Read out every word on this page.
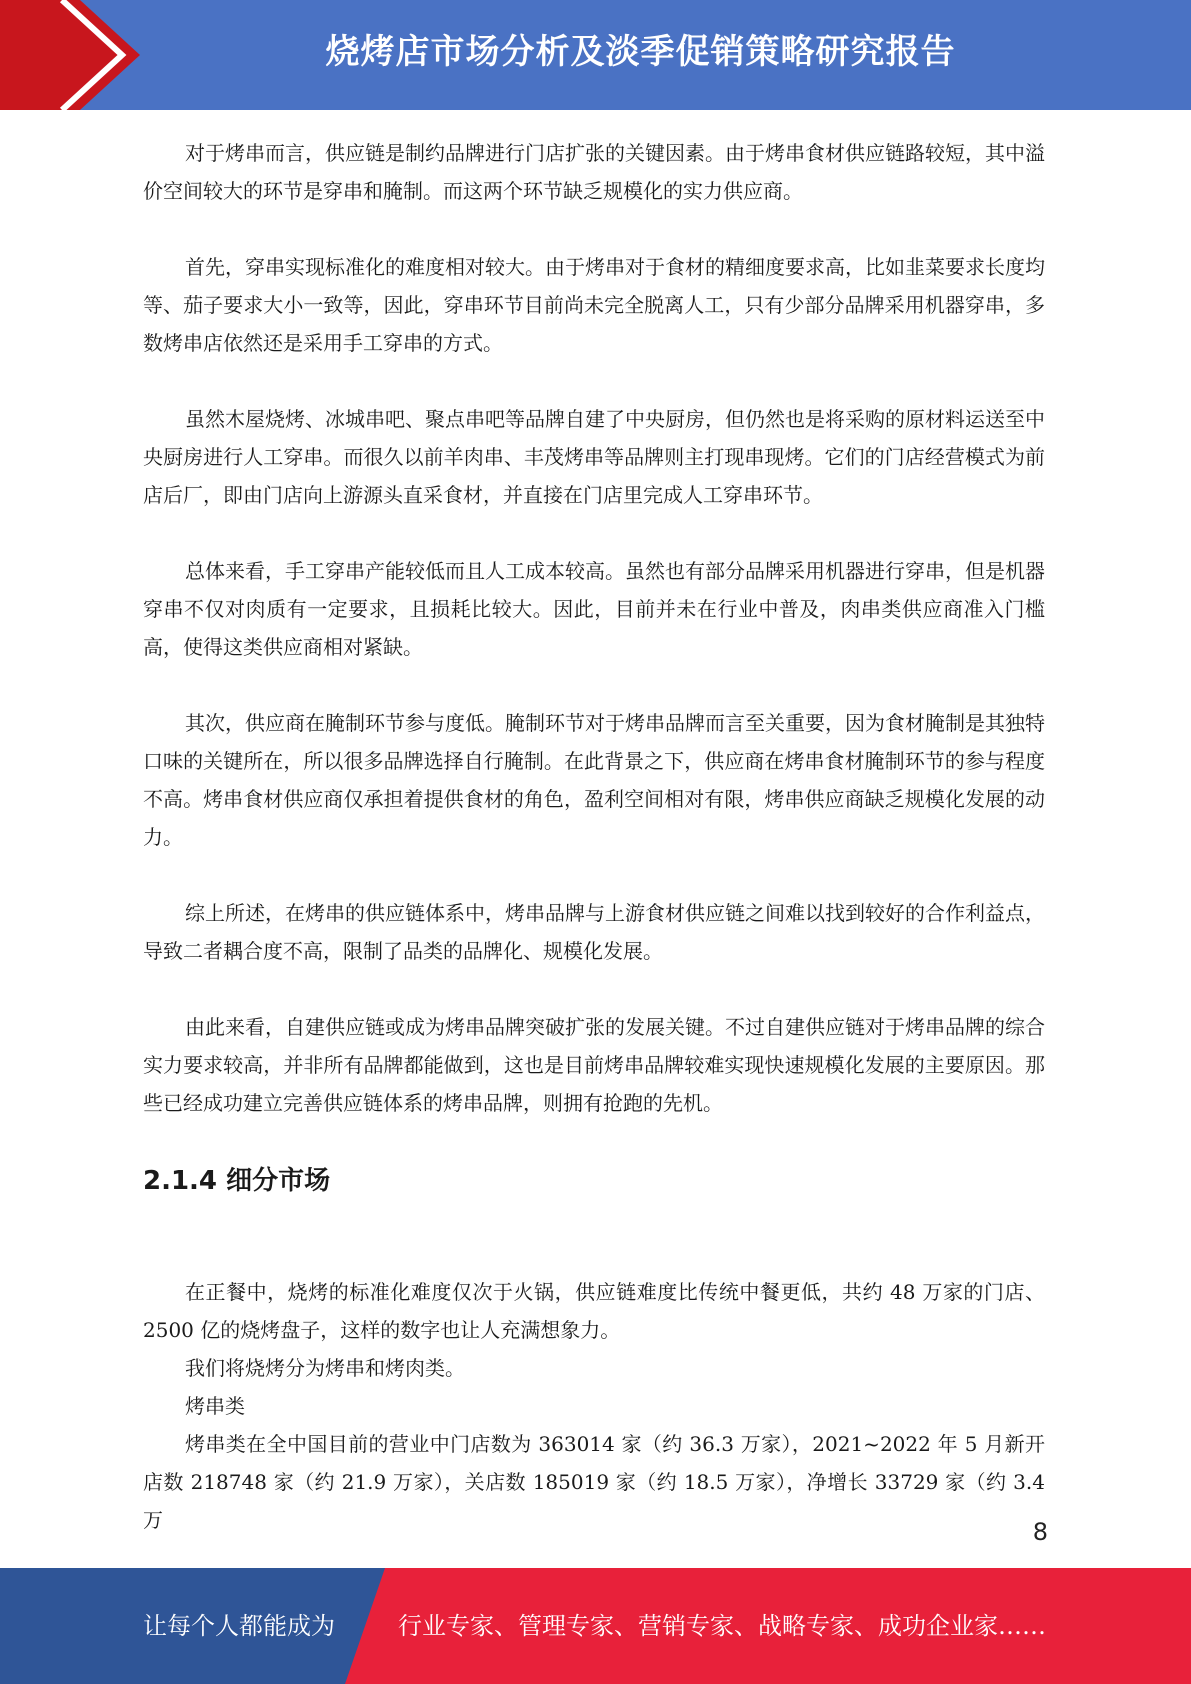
烧烤店市场分析及淡季促销策略研究报告

对于烤串而言，供应链是制约品牌进行门店扩张的关键因素。由于烤串食材供应链路较短，其中溢价空间较大的环节是穿串和腌制。而这两个环节缺乏规模化的实力供应商。

首先，穿串实现标准化的难度相对较大。由于烤串对于食材的精细度要求高，比如韭菜要求长度均等、茄子要求大小一致等，因此，穿串环节目前尚未完全脱离人工，只有少部分品牌采用机器穿串，多数烤串店依然还是采用手工穿串的方式。

虽然木屋烧烤、冰城串吧、聚点串吧等品牌自建了中央厨房，但仍然也是将采购的原材料运送至中央厨房进行人工穿串。而很久以前羊肉串、丰茂烤串等品牌则主打现串现烤。它们的门店经营模式为前店后厂，即由门店向上游源头直采食材，并直接在门店里完成人工穿串环节。

总体来看，手工穿串产能较低而且人工成本较高。虽然也有部分品牌采用机器进行穿串，但是机器穿串不仅对肉质有一定要求，且损耗比较大。因此，目前并未在行业中普及，肉串类供应商准入门槛高，使得这类供应商相对紧缺。

其次，供应商在腌制环节参与度低。腌制环节对于烤串品牌而言至关重要，因为食材腌制是其独特口味的关键所在，所以很多品牌选择自行腌制。在此背景之下，供应商在烤串食材腌制环节的参与程度不高。烤串食材供应商仅承担着提供食材的角色，盈利空间相对有限，烤串供应商缺乏规模化发展的动力。

综上所述，在烤串的供应链体系中，烤串品牌与上游食材供应链之间难以找到较好的合作利益点，导致二者耦合度不高，限制了品类的品牌化、规模化发展。

由此来看，自建供应链或成为烤串品牌突破扩张的发展关键。不过自建供应链对于烤串品牌的综合实力要求较高，并非所有品牌都能做到，这也是目前烤串品牌较难实现快速规模化发展的主要原因。那些已经成功建立完善供应链体系的烤串品牌，则拥有抢跑的先机。

2.1.4 细分市场

在正餐中，烧烤的标准化难度仅次于火锅，供应链难度比传统中餐更低，共约 48 万家的门店、2500 亿的烧烤盘子，这样的数字也让人充满想象力。

我们将烧烤分为烤串和烤肉类。

烤串类

烤串类在全中国目前的营业中门店数为 363014 家（约 36.3 万家），2021~2022 年 5 月新开店数 218748 家（约 21.9 万家），关店数 185019 家（约 18.5 万家），净增长 33729 家（约 3.4 万	8
让每个人都能成为	行业专家、管理专家、营销专家、战略专家、成功企业家……
